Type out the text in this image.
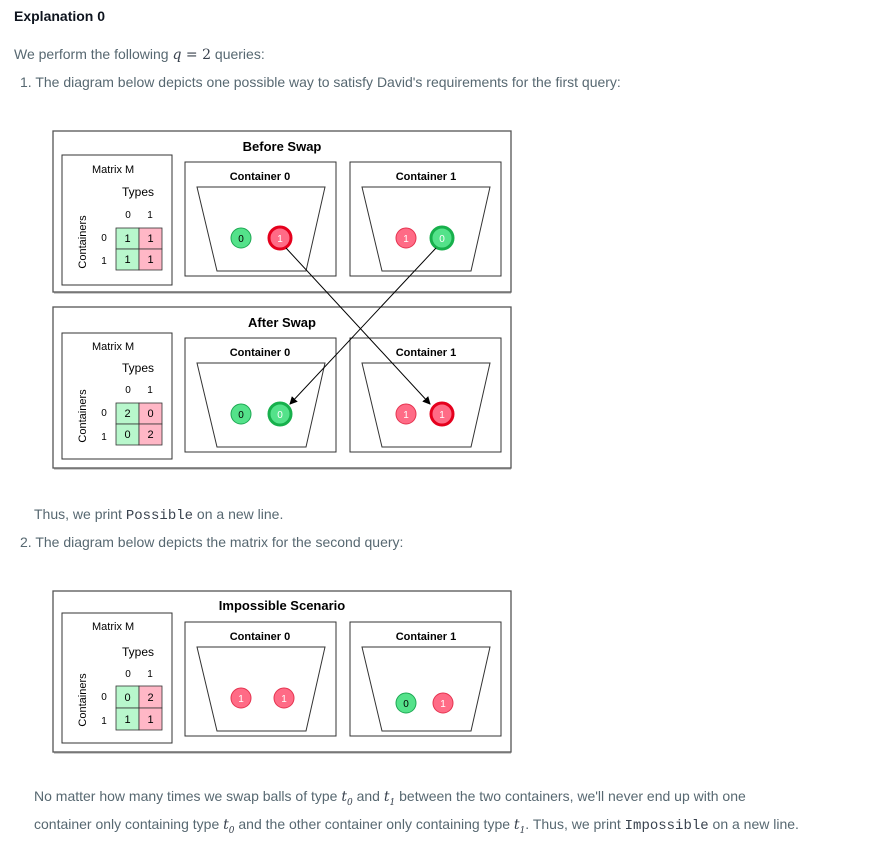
Explanation 0
We perform the following q = 2 queries:
1. The diagram below depicts one possible way to satisfy David's requirements for the first query:
Before Swap
Matrix M
Types
0 1
Containers 0
1
1 1
1 1
Container 0
0	1
Container 1
1	0
After Swap
Matrix M
Types
0 1
Containers 0
1
2 0
0 2
Container 0
0	0
Container 1
1	1
Thus, we print Possible on a new line.
2. The diagram below depicts the matrix for the second query:
Impossible Scenario
Matrix M
Types
0 1
Containers 0
1
0 2
1 1
Container 0
1	1
Container 1
0	1
No matter how many times we swap balls of type $t_0$ and $t_1$ between the two containers, we'll never end up with one
container only containing type $t_0$ and the other container only containing type $t_1$. Thus, we print Impossible on a new line.
